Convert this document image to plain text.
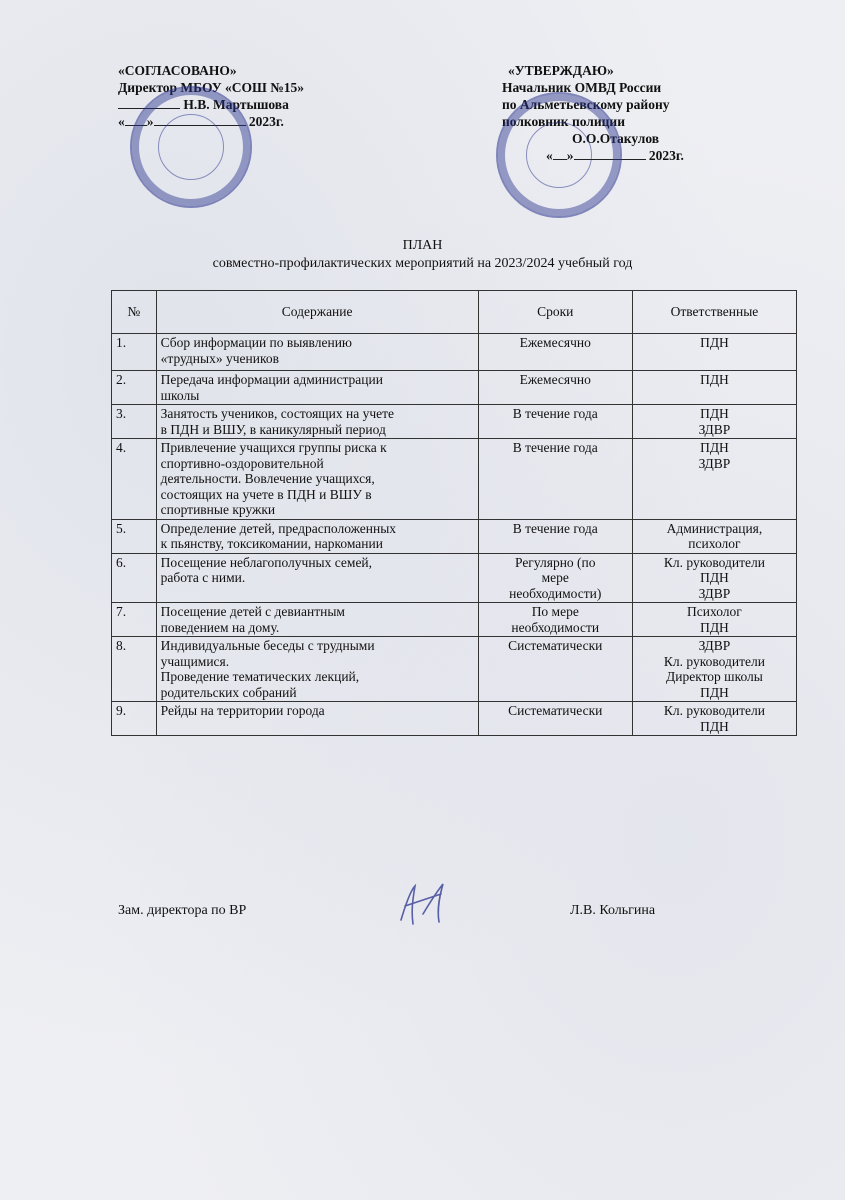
«СОГЛАСОВАНО»
Директор МБОУ «СОШ №15»
Н.В. Мартышова
« »	2023г.
«УТВЕРЖДАЮ»
Начальник ОМВД России
по Альметьевскому району
полковник полиции
О.О.Отакулов
« »	2023г.
ПЛАН
совместно-профилактических мероприятий на 2023/2024 учебный год
№	Содержание	Сроки	Ответственные
1.	Сбор информации по выявлению
«трудных» учеников	Ежемесячно	ПДН
2.	Передача информации администрации
школы	Ежемесячно	ПДН
3.	Занятость учеников, состоящих на учете
в ПДН и ВШУ, в каникулярный период	В течение года	ПДН
ЗДВР
4.	Привлечение учащихся группы риска к
спортивно-оздоровительной
деятельности. Вовлечение учащихся,
состоящих на учете в ПДН и ВШУ в
спортивные кружки	В течение года	ПДН
ЗДВР
5.	Определение детей, предрасположенных
к пьянству, токсикомании, наркомании	В течение года	Администрация,
психолог
6.	Посещение неблагополучных семей,
работа с ними.	Регулярно (по
мере
необходимости)	Кл. руководители
ПДН
ЗДВР
7.	Посещение детей с девиантным
поведением на дому.	По мере
необходимости	Психолог
ПДН
8.	Индивидуальные беседы с трудными
учащимися.
Проведение тематических лекций,
родительских собраний	Систематически	ЗДВР
Кл. руководители
Директор школы
ПДН
9.	Рейды на территории города	Систематически	Кл. руководители
ПДН
Зам. директора по ВР	Л.В. Кольгина
